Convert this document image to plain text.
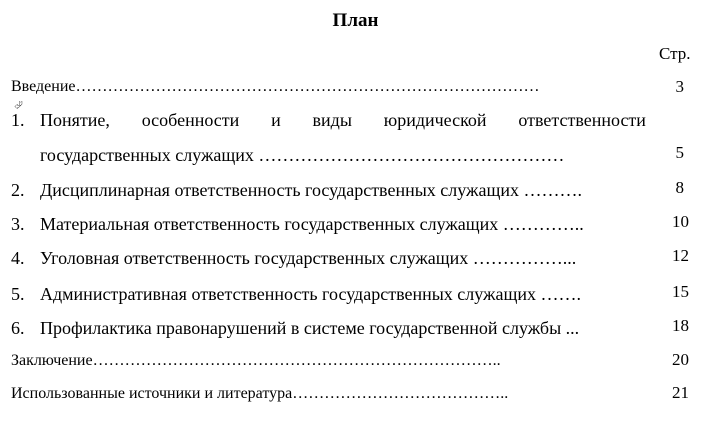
План
Стр.
Введение……………………………………………………………………………	3
⮰
1. Понятие, особенности и виды юридической ответственности
государственных служащих ……………………………………………	5
2. Дисциплинарная ответственность государственных служащих ……….	8
3. Материальная ответственность государственных служащих …………..	10
4. Уголовная ответственность государственных служащих ……………...	12
5. Административная ответственность государственных служащих …….	15
6. Профилактика правонарушений в системе государственной службы ...	18
Заключение…………………………………………………………………..	20
Использованные источники и литература…………………………………..	21
